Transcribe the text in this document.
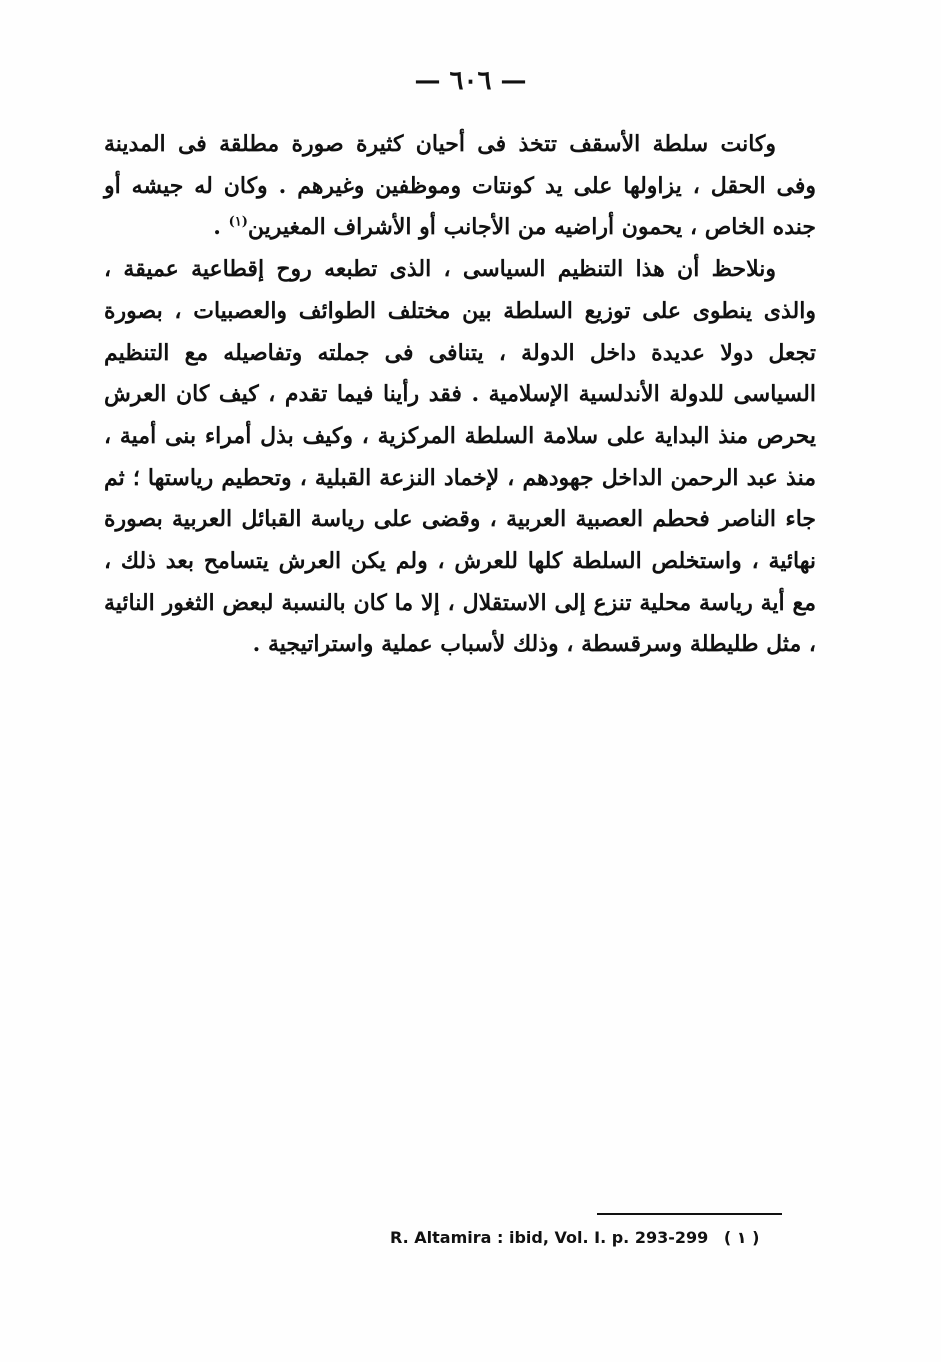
— ٦٠٦ —

وكانت سلطة الأسقف تتخذ فى أحيان كثيرة صورة مطلقة فى المدينة وفى الحقل ، يزاولها على يد كونتات وموظفين وغيرهم . وكان له جيشه أو جنده الخاص ، يحمون أراضيه من الأجانب أو الأشراف المغيرين$^{(١)}$ .

ونلاحظ أن هذا التنظيم السياسى ، الذى تطبعه روح إقطاعية عميقة ، والذى ينطوى على توزيع السلطة بين مختلف الطوائف والعصبيات ، بصورة تجعل دولا عديدة داخل الدولة ، يتنافى فى جملته وتفاصيله مع التنظيم السياسى للدولة الأندلسية الإسلامية . فقد رأينا فيما تقدم ، كيف كان العرش يحرص منذ البداية على سلامة السلطة المركزية ، وكيف بذل أمراء بنى أمية ، منذ عبد الرحمن الداخل جهودهم ، لإخماد النزعة القبلية ، وتحطيم رياستها ؛ ثم جاء الناصر فحطم العصبية العربية ، وقضى على رياسة القبائل العربية بصورة نهائية ، واستخلص السلطة كلها للعرش ، ولم يكن العرش يتسامح بعد ذلك ، مع أية رياسة محلية تنزع إلى الاستقلال ، إلا ما كان بالنسبة لبعض الثغور النائية ، مثل طليطلة وسرقسطة ، وذلك لأسباب عملية واستراتيجية .

R. Altamira : ibid, Vol. I. p. 293-299 ( ١ )
